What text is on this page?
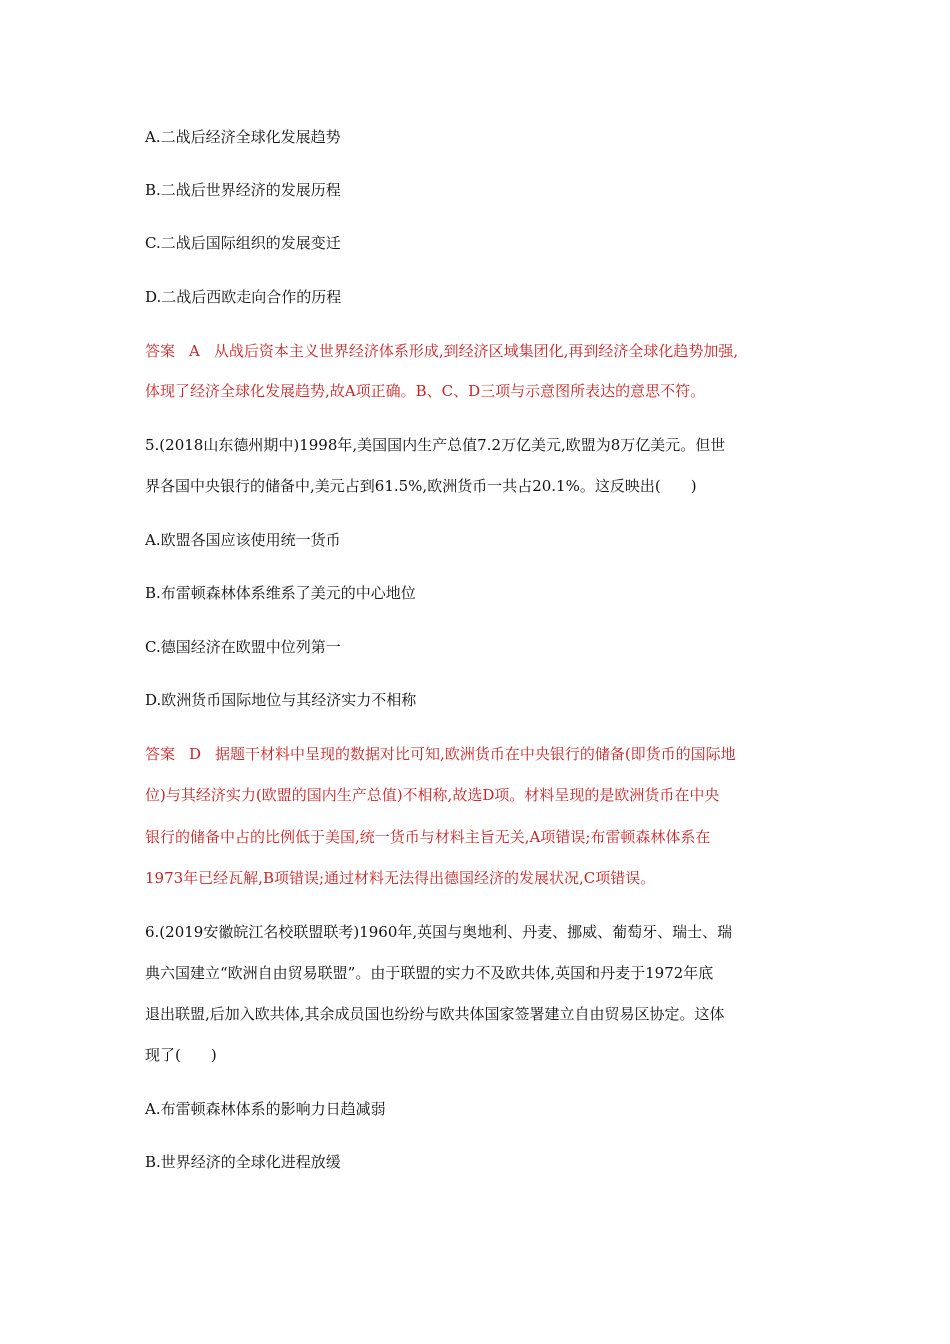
A.二战后经济全球化发展趋势
B.二战后世界经济的发展历程
C.二战后国际组织的发展变迁
D.二战后西欧走向合作的历程
答案 A 从战后资本主义世界经济体系形成,到经济区域集团化,再到经济全球化趋势加强,
体现了经济全球化发展趋势,故A项正确。B、C、D三项与示意图所表达的意思不符。
5.(2018山东德州期中)1998年,美国国内生产总值7.2万亿美元,欧盟为8万亿美元。但世
界各国中央银行的储备中,美元占到61.5%,欧洲货币一共占20.1%。这反映出(　　)
A.欧盟各国应该使用统一货币
B.布雷顿森林体系维系了美元的中心地位
C.德国经济在欧盟中位列第一
D.欧洲货币国际地位与其经济实力不相称
答案 D 据题干材料中呈现的数据对比可知,欧洲货币在中央银行的储备(即货币的国际地
位)与其经济实力(欧盟的国内生产总值)不相称,故选D项。材料呈现的是欧洲货币在中央
银行的储备中占的比例低于美国,统一货币与材料主旨无关,A项错误;布雷顿森林体系在
1973年已经瓦解,B项错误;通过材料无法得出德国经济的发展状况,C项错误。
6.(2019安徽皖江名校联盟联考)1960年,英国与奥地利、丹麦、挪威、葡萄牙、瑞士、瑞
典六国建立“欧洲自由贸易联盟”。由于联盟的实力不及欧共体,英国和丹麦于1972年底
退出联盟,后加入欧共体,其余成员国也纷纷与欧共体国家签署建立自由贸易区协定。这体
现了(　　)
A.布雷顿森林体系的影响力日趋减弱
B.世界经济的全球化进程放缓
